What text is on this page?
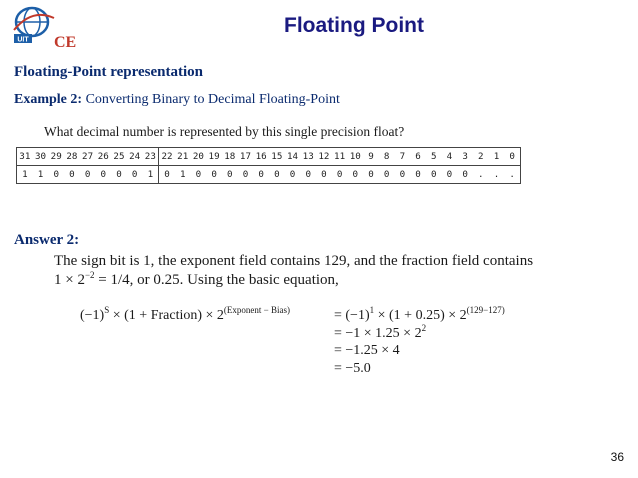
UIT CE
Floating Point
Floating-Point representation
Example 2: Converting Binary to Decimal Floating-Point
What decimal number is represented by this single precision float?
31	30	29	28	27	26	25	24	23	22	21	20	19	18	17	16	15	14	13	12	11	10	9	8	7	6	5	4	3	2	1	0
1	1	0	0	0	0	0	0	1	0	1	0	0	0	0	0	0	0	0	0	0	0	0	0	0	0	0	0	0	.	.	.
Answer 2:
The sign bit is 1, the exponent field contains 129, and the fraction field contains
$1 \times 2^{-2} = 1/4$, or 0.25. Using the basic equation,
$(-1)^S \times (1$ + Fraction) × $2^{(Exponent - Bias)}$	= $(-1)^1 \times (1 + 0.25) \times 2^{(129-127)}$
= $-1 \times 1.25 \times 2^2$
= −1.25 × 4
= −5.0
36
